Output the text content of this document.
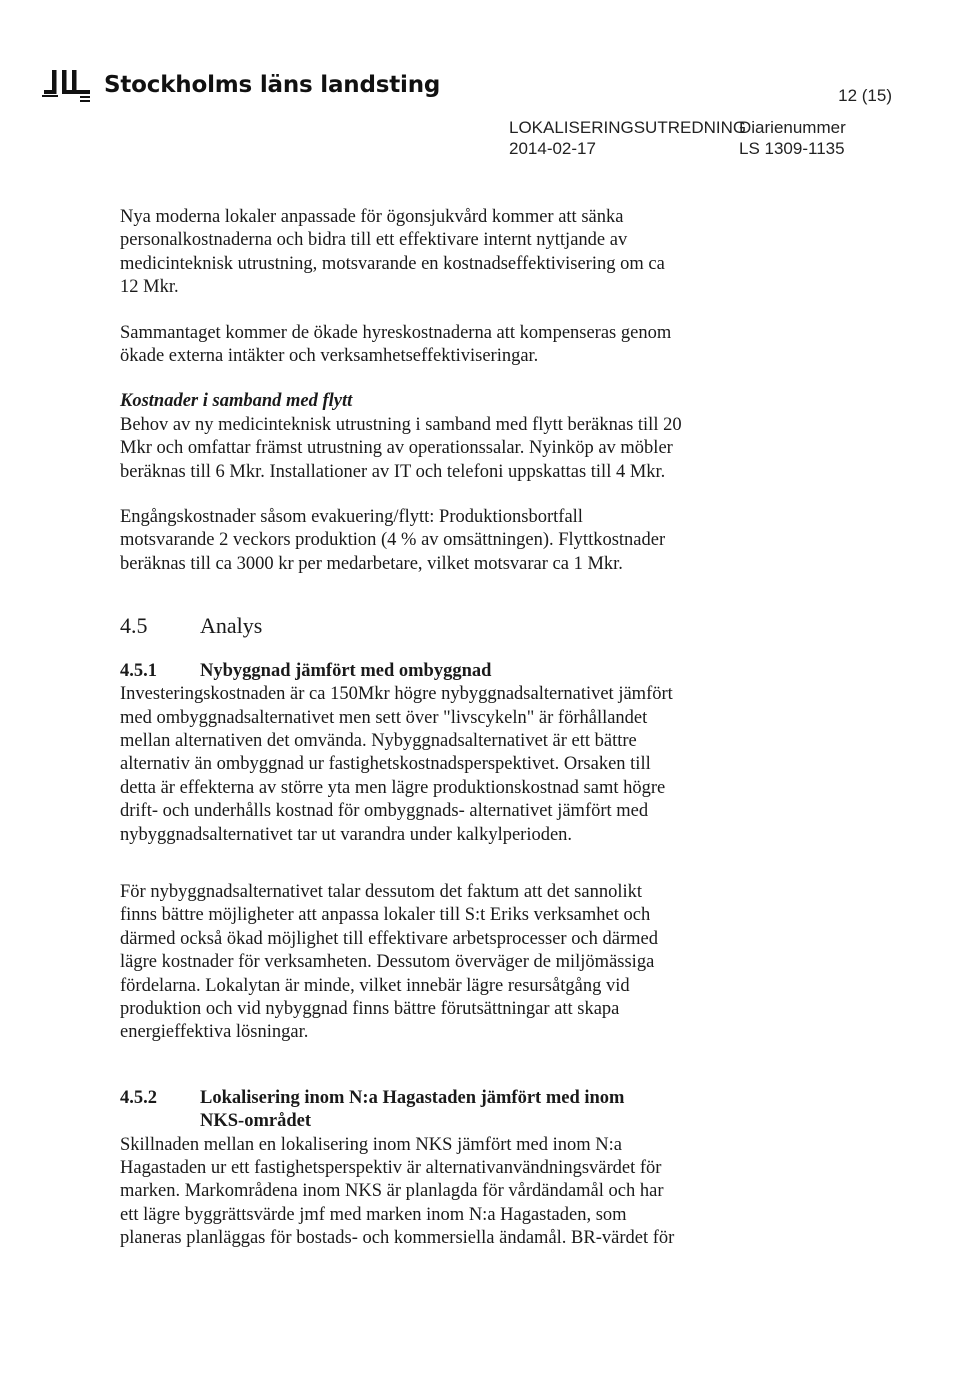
Stockholms läns landsting	12 (15)
LOKALISERINGSUTREDNING
2014-02-17
Diarienummer
LS 1309-1135

Nya moderna lokaler anpassade för ögonsjukvård kommer att sänka
personalkostnaderna och bidra till ett effektivare internt nyttjande av
medicinteknisk utrustning, motsvarande en kostnadseffektivisering om ca
12 Mkr.

Sammantaget kommer de ökade hyreskostnaderna att kompenseras genom
ökade externa intäkter och verksamhetseffektiviseringar.

Kostnader i samband med flytt
Behov av ny medicinteknisk utrustning i samband med flytt beräknas till 20
Mkr och omfattar främst utrustning av operationssalar. Nyinköp av möbler
beräknas till 6 Mkr. Installationer av IT och telefoni uppskattas till 4 Mkr.

Engångskostnader såsom evakuering/flytt: Produktionsbortfall
motsvarande 2 veckors produktion (4 % av omsättningen). Flyttkostnader
beräknas till ca 3000 kr per medarbetare, vilket motsvarar ca 1 Mkr.

4.5	Analys
4.5.1	Nybyggnad jämfört med ombyggnad

Investeringskostnaden är ca 150Mkr högre nybyggnadsalternativet jämfört
med ombyggnadsalternativet men sett över "livscykeln" är förhållandet
mellan alternativen det omvända. Nybyggnadsalternativet är ett bättre
alternativ än ombyggnad ur fastighetskostnadsperspektivet. Orsaken till
detta är effekterna av större yta men lägre produktionskostnad samt högre
drift- och underhålls kostnad för ombyggnads- alternativet jämfört med
nybyggnadsalternativet tar ut varandra under kalkylperioden.

För nybyggnadsalternativet talar dessutom det faktum att det sannolikt
finns bättre möjligheter att anpassa lokaler till S:t Eriks verksamhet och
därmed också ökad möjlighet till effektivare arbetsprocesser och därmed
lägre kostnader för verksamheten. Dessutom överväger de miljömässiga
fördelarna. Lokalytan är minde, vilket innebär lägre resursåtgång vid
produktion och vid nybyggnad finns bättre förutsättningar att skapa
energieffektiva lösningar.

4.5.2	Lokalisering inom N:a Hagastaden jämfört med inom
NKS-området

Skillnaden mellan en lokalisering inom NKS jämfört med inom N:a
Hagastaden ur ett fastighetsperspektiv är alternativanvändningsvärdet för
marken. Markområdena inom NKS är planlagda för vårdändamål och har
ett lägre byggrättsvärde jmf med marken inom N:a Hagastaden, som
planeras planläggas för bostads- och kommersiella ändamål. BR-värdet för
